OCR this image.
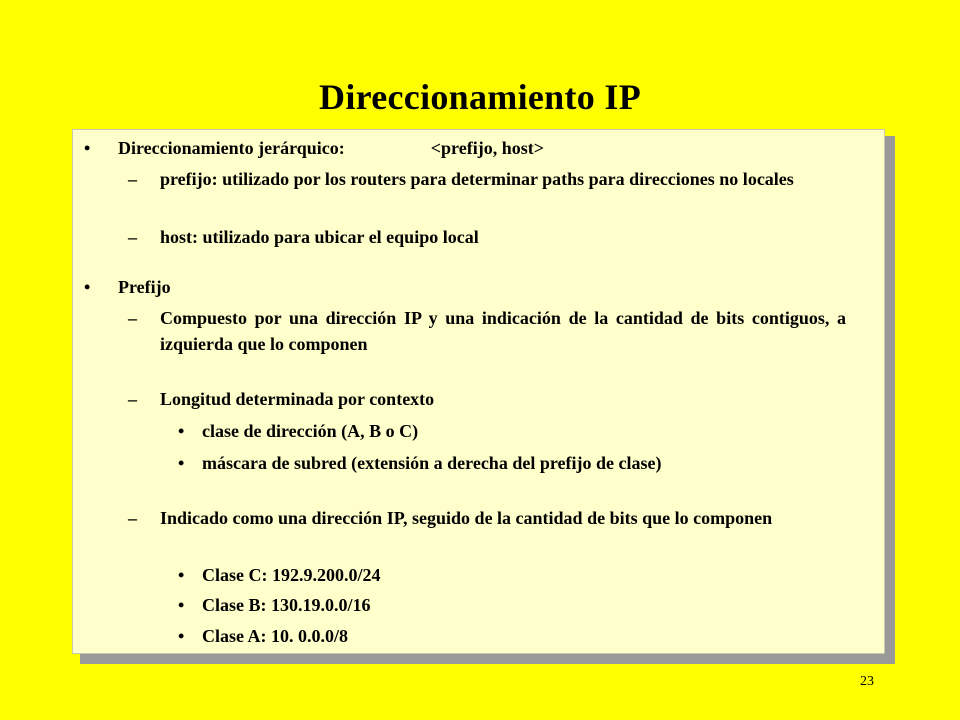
Direccionamiento IP
• Direccionamiento jerárquico:	<prefijo, host>
– prefijo: utilizado por los routers para determinar paths para direcciones no locales
– host: utilizado para ubicar el equipo local
• Prefijo
– Compuesto por una dirección IP y una indicación de la cantidad de bits contiguos, a izquierda que lo componen
– Longitud determinada por contexto
• clase de dirección (A, B o C)
• máscara de subred (extensión a derecha del prefijo de clase)
– Indicado como una dirección IP, seguido de la cantidad de bits que lo componen
• Clase C: 192.9.200.0/24
• Clase B: 130.19.0.0/16
• Clase A: 10. 0.0.0/8
23
